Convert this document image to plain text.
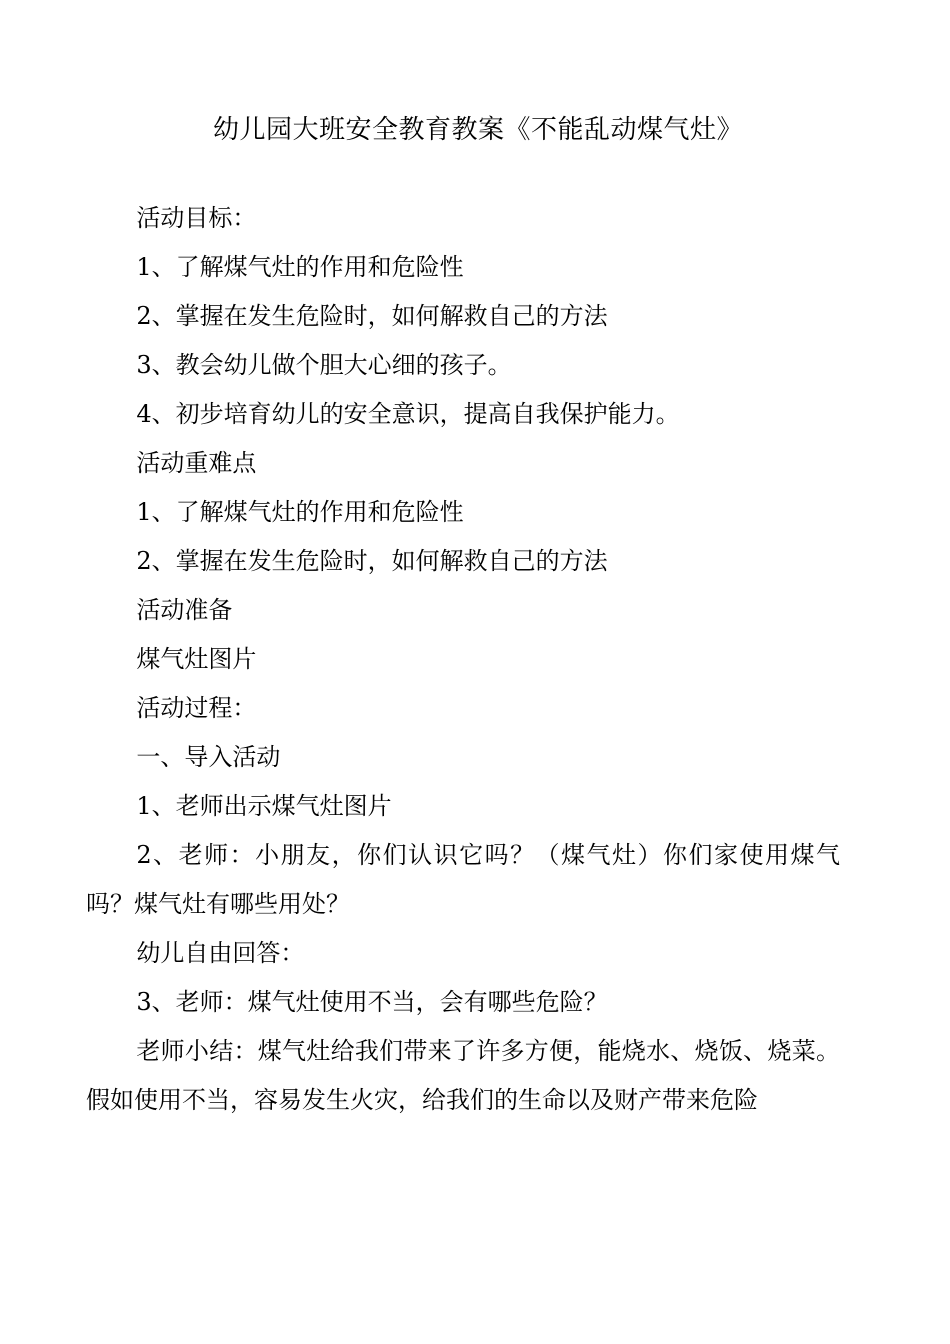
幼儿园大班安全教育教案《不能乱动煤气灶》

活动目标：

1、了解煤气灶的作用和危险性

2、掌握在发生危险时，如何解救自己的方法

3、教会幼儿做个胆大心细的孩子。

4、初步培育幼儿的安全意识，提高自我保护能力。

活动重难点

1、了解煤气灶的作用和危险性

2、掌握在发生危险时，如何解救自己的方法

活动准备

煤气灶图片

活动过程：

一、导入活动

1、老师出示煤气灶图片

2、老师：小朋友，你们认识它吗？（煤气灶）你们家使用煤气吗？煤气灶有哪些用处？

幼儿自由回答：

3、老师：煤气灶使用不当，会有哪些危险？

老师小结：煤气灶给我们带来了许多方便，能烧水、烧饭、烧菜。假如使用不当，容易发生火灾，给我们的生命以及财产带来危险
